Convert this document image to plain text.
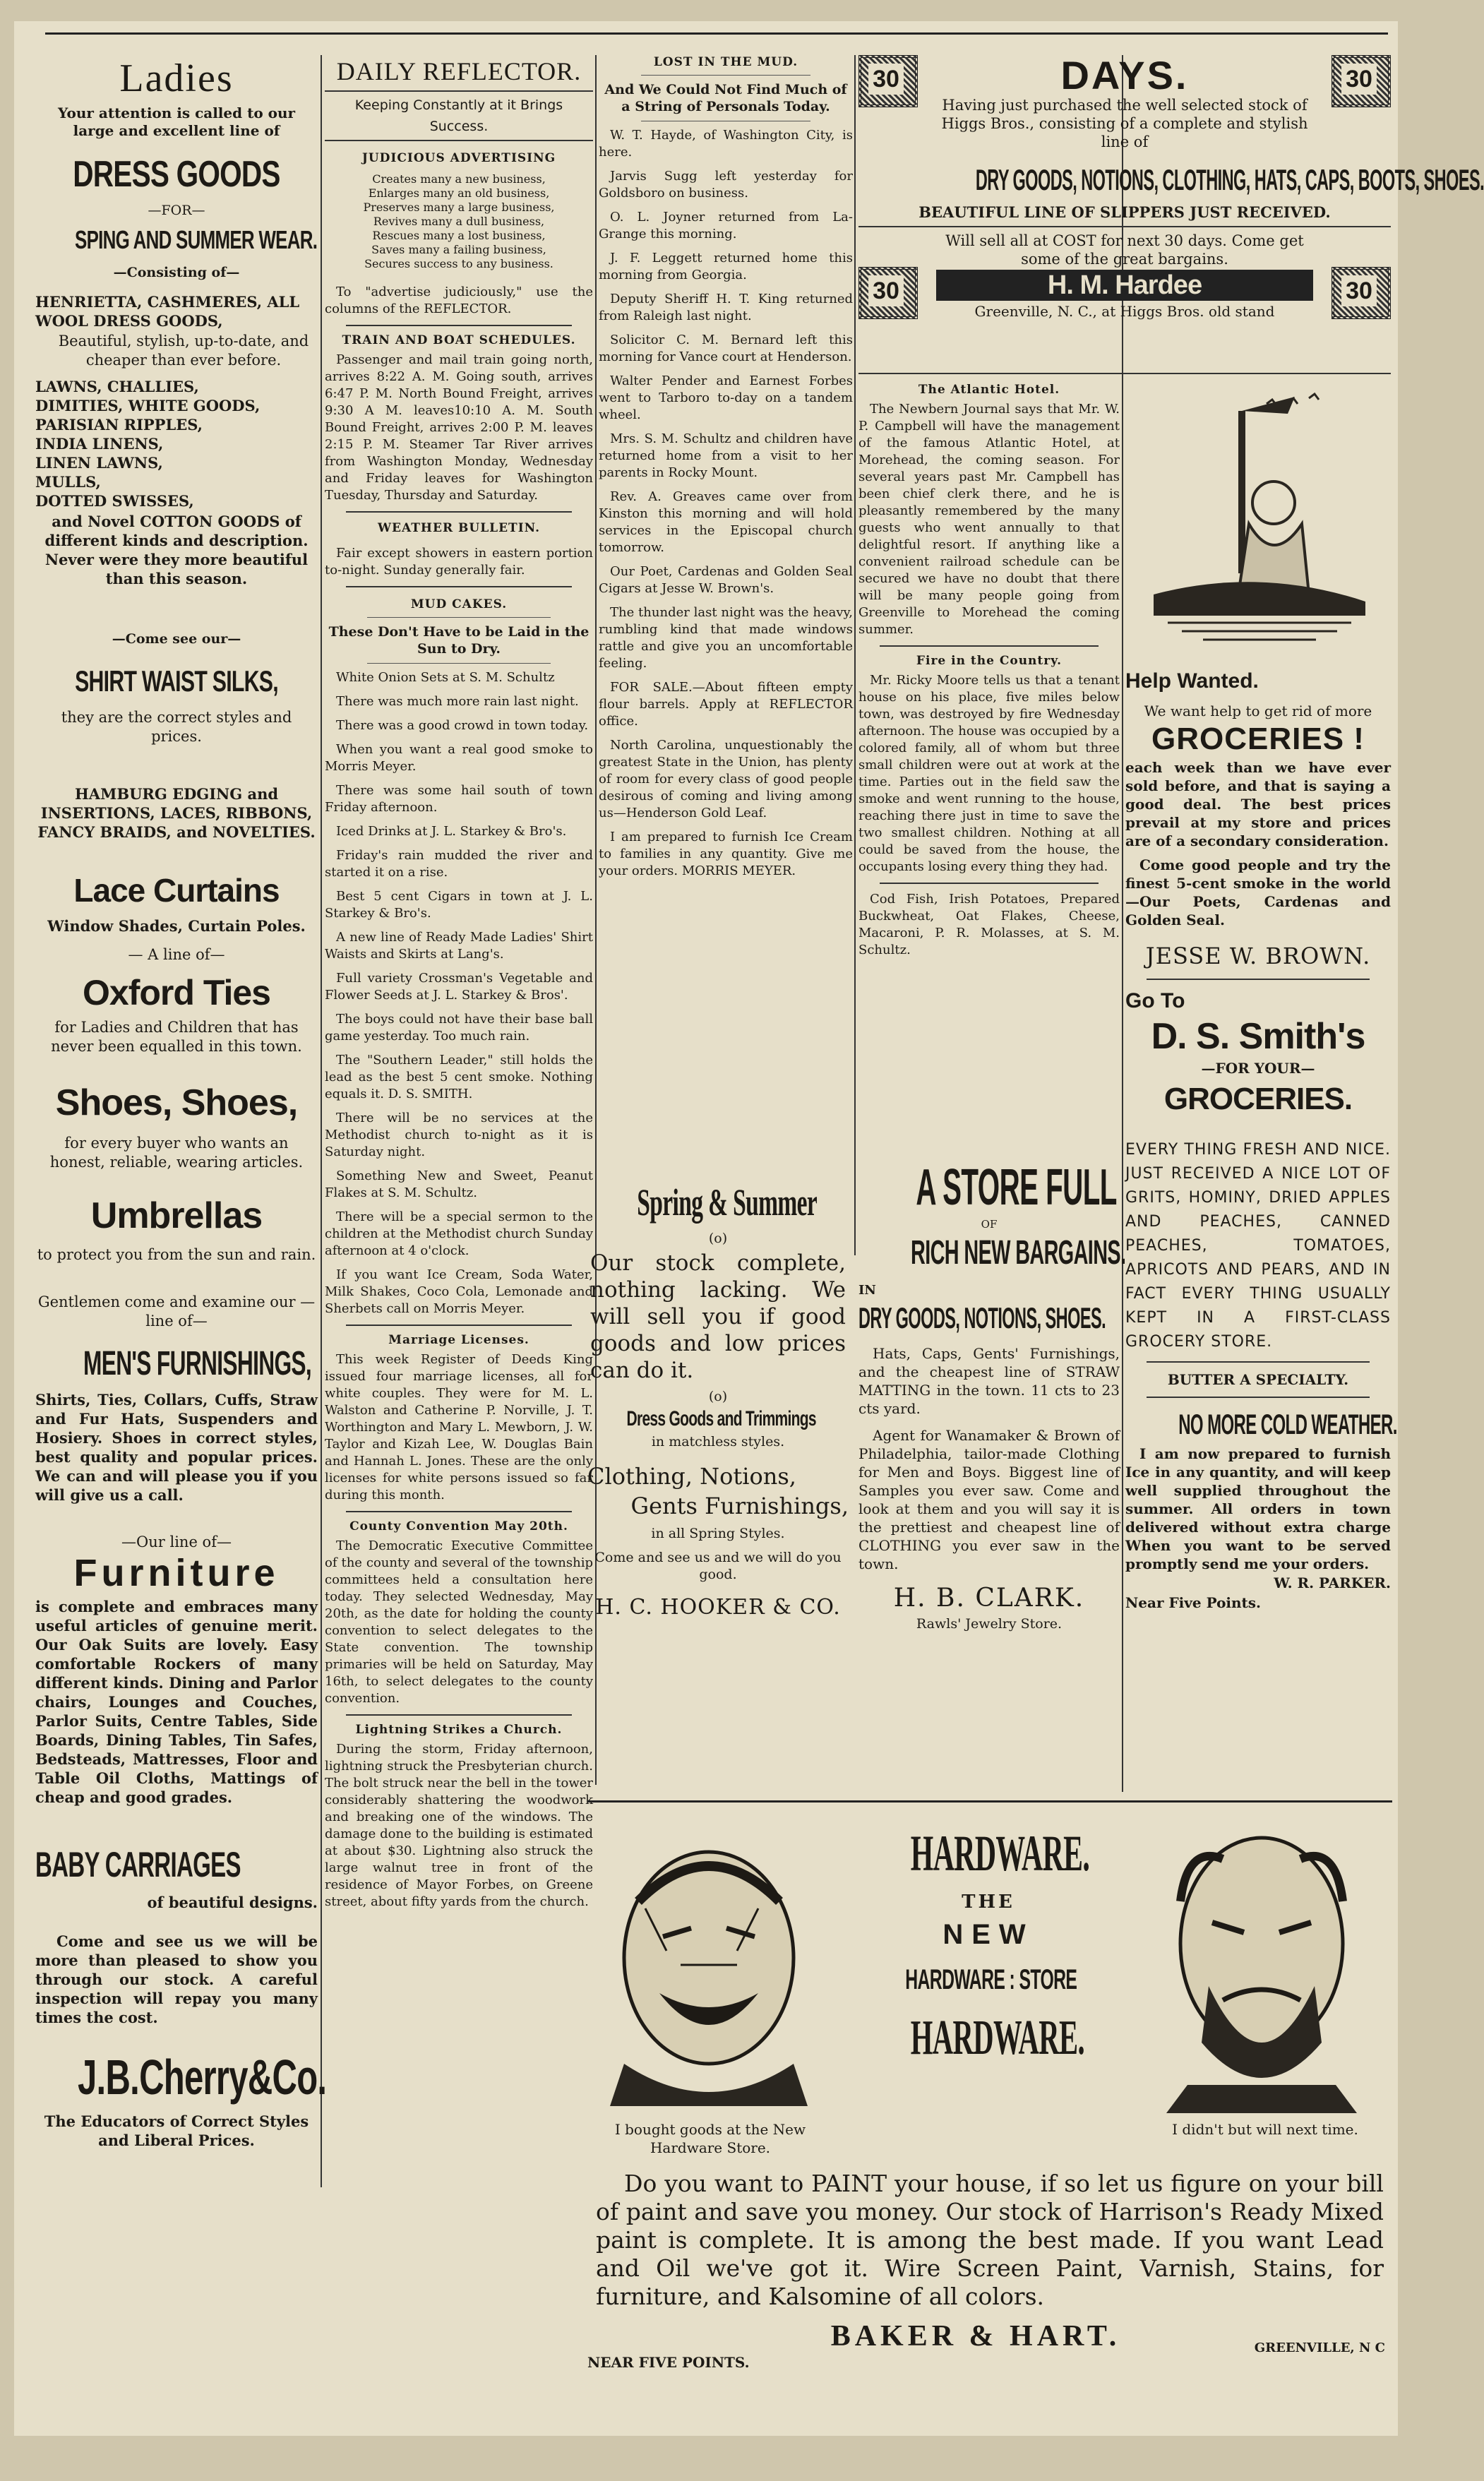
Ladies

Your attention is called to our large and excellent line of

DRESS GOODS

—FOR—

SPING AND SUMMER WEAR.

—Consisting of—

HENRIETTA, CASHMERES, ALL WOOL DRESS GOODS,

Beautiful, stylish, up-to-date, and cheaper than ever before.

LAWNS, CHALLIES,

DIMITIES, WHITE GOODS,

PARISIAN RIPPLES,

INDIA LINENS,

LINEN LAWNS,

MULLS,

DOTTED SWISSES,

and Novel COTTON GOODS of different kinds and description. Never were they more beautiful than this season.

—Come see our—

SHIRT WAIST SILKS,

they are the correct styles and prices.

HAMBURG EDGING and INSERTIONS, LACES, RIBBONS, FANCY BRAIDS, and NOVELTIES.

Lace Curtains

Window Shades, Curtain Poles.

— A line of—

Oxford Ties

for Ladies and Children that has never been equalled in this town.

Shoes, Shoes,

for every buyer who wants an honest, reliable, wearing articles.

Umbrellas

to protect you from the sun and rain.

Gentlemen come and examine our —line of—

MEN'S FURNISHINGS,

Shirts, Ties, Collars, Cuffs, Straw and Fur Hats, Suspenders and Hosiery. Shoes in correct styles, best quality and popular prices. We can and will please you if you will give us a call.

—Our line of—

Furniture

is complete and embraces many useful articles of genuine merit. Our Oak Suits are lovely. Easy comfortable Rockers of many different kinds. Dining and Parlor chairs, Lounges and Couches, Parlor Suits, Centre Tables, Side Boards, Dining Tables, Tin Safes, Bedsteads, Mattresses, Floor and Table Oil Cloths, Mattings of cheap and good grades.

BABY CARRIAGES

of beautiful designs.

Come and see us we will be more than pleased to show you through our stock. A careful inspection will repay you many times the cost.

J.B.Cherry&Co.

The Educators of Correct Styles and Liberal Prices.

DAILY REFLECTOR.

Keeping Constantly at it Brings Success.

JUDICIOUS ADVERTISING

Creates many a new business,

Enlarges many an old business,

Preserves many a large business,

Revives many a dull business,

Rescues many a lost business,

Saves many a failing business,

Secures success to any business.

To "advertise judiciously," use the columns of the REFLECTOR.

TRAIN AND BOAT SCHEDULES.

Passenger and mail train going north, arrives 8:22 A. M. Going south, arrives 6:47 P. M. North Bound Freight, arrives 9:30 A M. leaves10:10 A. M. South Bound Freight, arrives 2:00 P. M. leaves 2:15 P. M. Steamer Tar River arrives from Washington Monday, Wednesday and Friday leaves for Washington Tuesday, Thursday and Saturday.

WEATHER BULLETIN.

Fair except showers in eastern portion to-night. Sunday generally fair.

MUD CAKES.

These Don't Have to be Laid in the Sun to Dry.

White Onion Sets at S. M. Schultz

There was much more rain last night.

There was a good crowd in town today.

When you want a real good smoke to Morris Meyer.

There was some hail south of town Friday afternoon.

Iced Drinks at J. L. Starkey & Bro's.

Friday's rain mudded the river and started it on a rise.

Best 5 cent Cigars in town at J. L. Starkey & Bro's.

A new line of Ready Made Ladies' Shirt Waists and Skirts at Lang's.

Full variety Crossman's Vegetable and Flower Seeds at J. L. Starkey & Bros'.

The boys could not have their base ball game yesterday. Too much rain.

The "Southern Leader," still holds the lead as the best 5 cent smoke. Nothing equals it. D. S. SMITH.

There will be no services at the Methodist church to-night as it is Saturday night.

Something New and Sweet, Peanut Flakes at S. M. Schultz.

There will be a special sermon to the children at the Methodist church Sunday afternoon at 4 o'clock.

If you want Ice Cream, Soda Water, Milk Shakes, Coco Cola, Lemonade and Sherbets call on Morris Meyer.

Marriage Licenses.

This week Register of Deeds King issued four marriage licenses, all for white couples. They were for M. L. Walston and Catherine P. Norville, J. T. Worthington and Mary L. Mewborn, J. W. Taylor and Kizah Lee, W. Douglas Bain and Hannah L. Jones. These are the only licenses for white persons issued so far during this month.

County Convention May 20th.

The Democratic Executive Committee of the county and several of the township committees held a consultation here today. They selected Wednesday, May 20th, as the date for holding the county convention to select delegates to the State convention. The township primaries will be held on Saturday, May 16th, to select delegates to the county convention.

Lightning Strikes a Church.

During the storm, Friday afternoon, lightning struck the Presbyterian church. The bolt struck near the bell in the tower considerably shattering the woodwork and breaking one of the windows. The damage done to the building is estimated at about $30. Lightning also struck the large walnut tree in front of the residence of Mayor Forbes, on Greene street, about fifty yards from the church.

LOST IN THE MUD.

And We Could Not Find Much of a String of Personals Today.

W. T. Hayde, of Washington City, is here.

Jarvis Sugg left yesterday for Goldsboro on business.

O. L. Joyner returned from La-Grange this morning.

J. F. Leggett returned home this morning from Georgia.

Deputy Sheriff H. T. King returned from Raleigh last night.

Solicitor C. M. Bernard left this morning for Vance court at Henderson.

Walter Pender and Earnest Forbes went to Tarboro to-day on a tandem wheel.

Mrs. S. M. Schultz and children have returned home from a visit to her parents in Rocky Mount.

Rev. A. Greaves came over from Kinston this morning and will hold services in the Episcopal church tomorrow.

Our Poet, Cardenas and Golden Seal Cigars at Jesse W. Brown's.

The thunder last night was the heavy, rumbling kind that made windows rattle and give you an uncomfortable feeling.

FOR SALE.—About fifteen empty flour barrels. Apply at REFLECTOR office.

North Carolina, unquestionably the greatest State in the Union, has plenty of room for every class of good people desirous of coming and living among us—Henderson Gold Leaf.

I am prepared to furnish Ice Cream to families in any quantity. Give me your orders. MORRIS MEYER.

Spring & Summer

(o)

Our stock complete, nothing lacking. We will sell you if good goods and low prices can do it.

(o)

Dress Goods and Trimmings

in matchless styles.

Clothing, Notions,

Gents Furnishings,

in all Spring Styles.

Come and see us and we will do you good.

H. C. HOOKER & CO.

30	30

DAYS.

Having just purchased the well selected stock of Higgs Bros., consisting of a complete and stylish line of

DRY GOODS, NOTIONS, CLOTHING, HATS, CAPS, BOOTS, SHOES.

BEAUTIFUL LINE OF SLIPPERS JUST RECEIVED.

30	30

Will sell all at COST for next 30 days. Come get some of the great bargains.

H. M. Hardee

Greenville, N. C., at Higgs Bros. old stand

The Atlantic Hotel.

The Newbern Journal says that Mr. W. P. Campbell will have the management of the famous Atlantic Hotel, at Morehead, the coming season. For several years past Mr. Campbell has been chief clerk there, and he is pleasantly remembered by the many guests who went annually to that delightful resort. If anything like a convenient railroad schedule can be secured we have no doubt that there will be many people going from Greenville to Morehead the coming summer.

Fire in the Country.

Mr. Ricky Moore tells us that a tenant house on his place, five miles below town, was destroyed by fire Wednesday afternoon. The house was occupied by a colored family, all of whom but three small children were out at work at the time. Parties out in the field saw the smoke and went running to the house, reaching there just in time to save the two smallest children. Nothing at all could be saved from the house, the occupants losing every thing they had.

Cod Fish, Irish Potatoes, Prepared Buckwheat, Oat Flakes, Cheese, Macaroni, P. R. Molasses, at S. M. Schultz.

A STORE FULL

OF

RICH NEW BARGAINS.

IN

DRY GOODS, NOTIONS, SHOES.

Hats, Caps, Gents' Furnishings, and the cheapest line of STRAW MATTING in the town. 11 cts to 23 cts yard.

Agent for Wanamaker & Brown of Philadelphia, tailor-made Clothing for Men and Boys. Biggest line of Samples you ever saw. Come and look at them and you will say it is the prettiest and cheapest line of CLOTHING you ever saw in the town.

H. B. CLARK.

Rawls' Jewelry Store.

Help Wanted.

We want help to get rid of more

GROCERIES !

each week than we have ever sold before, and that is saying a good deal. The best prices prevail at my store and prices are of a secondary consideration.

Come good people and try the finest 5-cent smoke in the world—Our Poets, Cardenas and Golden Seal.

JESSE W. BROWN.

Go To

D. S. Smith's

—FOR YOUR—

GROCERIES.

EVERY THING FRESH AND NICE. JUST RECEIVED A NICE LOT OF GRITS, HOMINY, DRIED APPLES AND PEACHES, CANNED PEACHES, TOMATOES, APRICOTS AND PEARS, AND IN FACT EVERY THING USUALLY KEPT IN A FIRST-CLASS GROCERY STORE.

BUTTER A SPECIALTY.

NO MORE COLD WEATHER.

I am now prepared to furnish Ice in any quantity, and will keep well supplied throughout the summer. All orders in town delivered without extra charge When you want to be served promptly send me your orders.

W. R. PARKER.

Near Five Points.

I bought goods at the New Hardware Store.

HARDWARE.

THE

NEW

HARDWARE : STORE

HARDWARE.

I didn't but will next time.

Do you want to PAINT your house, if so let us figure on your bill of paint and save you money. Our stock of Harrison's Ready Mixed paint is complete. It is among the best made. If you want Lead and Oil we've got it. Wire Screen Paint, Varnish, Stains, for furniture, and Kalsomine of all colors.

BAKER & HART.

NEAR FIVE POINTS.

GREENVILLE, N C
